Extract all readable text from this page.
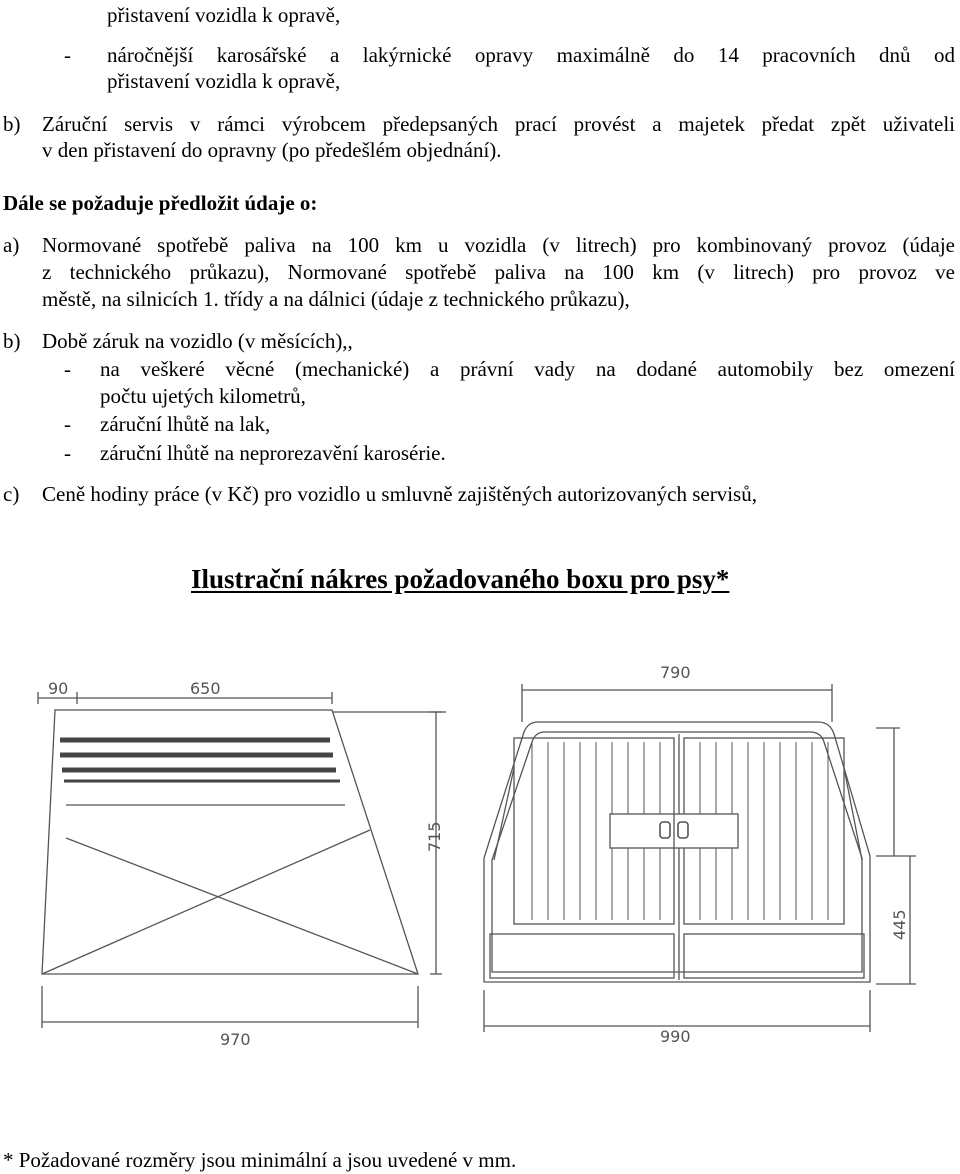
přistavení vozidla k opravě,
- náročnější karosářské a lakýrnické opravy maximálně do 14 pracovních dnů od
přistavení vozidla k opravě,
b) Záruční servis v rámci výrobcem předepsaných prací provést a majetek předat zpět uživateli
v den přistavení do opravny (po předešlém objednání).
Dále se požaduje předložit údaje o:
a) Normované spotřebě paliva na 100 km u vozidla (v litrech) pro kombinovaný provoz (údaje
z technického průkazu), Normované spotřebě paliva na 100 km (v litrech) pro provoz ve
městě, na silnicích 1. třídy a na dálnici (údaje z technického průkazu),
b) Době záruk na vozidlo (v měsících),,
- na veškeré věcné (mechanické) a právní vady na dodané automobily bez omezení
počtu ujetých kilometrů,
- záruční lhůtě na lak,
- záruční lhůtě na neprorezavění karosérie.
c) Ceně hodiny práce (v Kč) pro vozidlo u smluvně zajištěných autorizovaných servisů,
Ilustrační nákres požadovaného boxu pro psy*
90	650
715
970
790
445
990
* Požadované rozměry jsou minimální a jsou uvedené v mm.
